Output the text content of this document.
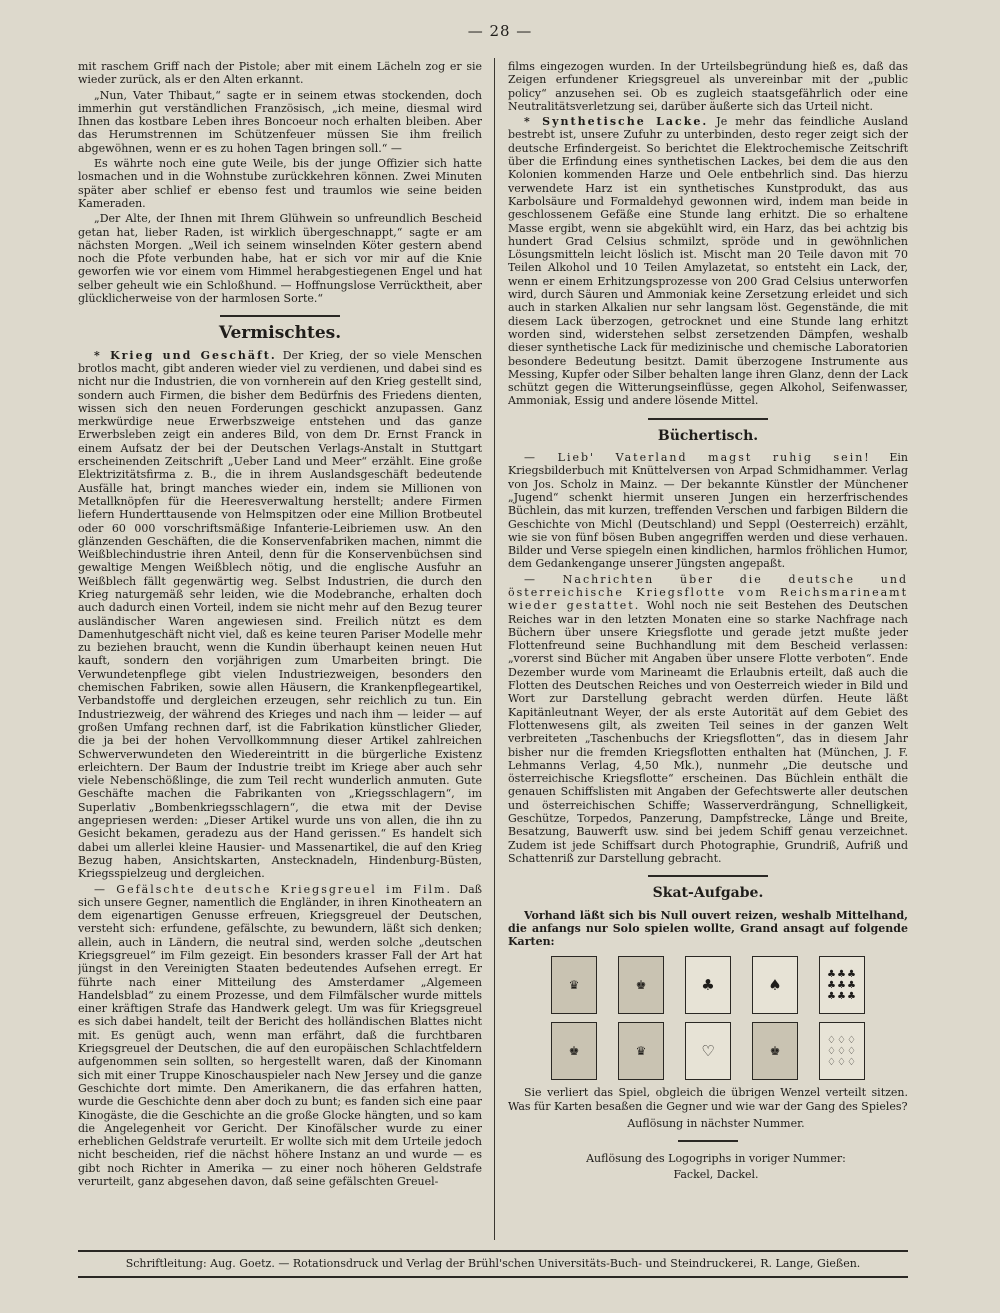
— 28 —

mit raschem Griff nach der Pistole; aber mit einem Lächeln zog er sie wieder zurück, als er den Alten erkannt.

„Nun, Vater Thibaut,“ sagte er in seinem etwas stockenden, doch immerhin gut verständlichen Französisch, „ich meine, diesmal wird Ihnen das kostbare Leben ihres Boncoeur noch erhalten bleiben. Aber das Herumstrennen im Schützenfeuer müssen Sie ihm freilich abgewöhnen, wenn er es zu hohen Tagen bringen soll.“ —

Es währte noch eine gute Weile, bis der junge Offizier sich hatte losmachen und in die Wohnstube zurückkehren können. Zwei Minuten später aber schlief er ebenso fest und traumlos wie seine beiden Kameraden.

„Der Alte, der Ihnen mit Ihrem Glühwein so unfreundlich Bescheid getan hat, lieber Raden, ist wirklich übergeschnappt,“ sagte er am nächsten Morgen. „Weil ich seinem winselnden Köter gestern abend noch die Pfote verbunden habe, hat er sich vor mir auf die Knie geworfen wie vor einem vom Himmel herabgestiegenen Engel und hat selber geheult wie ein Schloßhund. — Hoffnungslose Verrücktheit, aber glücklicherweise von der harmlosen Sorte.“

Vermischtes.

* Krieg und Geschäft. Der Krieg, der so viele Menschen brotlos macht, gibt anderen wieder viel zu verdienen, und dabei sind es nicht nur die Industrien, die von vornherein auf den Krieg gestellt sind, sondern auch Firmen, die bisher dem Bedürfnis des Friedens dienten, wissen sich den neuen Forderungen geschickt anzupassen. Ganz merkwürdige neue Erwerbszweige entstehen und das ganze Erwerbsleben zeigt ein anderes Bild, von dem Dr. Ernst Franck in einem Aufsatz der bei der Deutschen Verlags-Anstalt in Stuttgart erscheinenden Zeitschrift „Ueber Land und Meer“ erzählt. Eine große Elektrizitätsfirma z. B., die in ihrem Auslandsgeschäft bedeutende Ausfälle hat, bringt manches wieder ein, indem sie Millionen von Metallknöpfen für die Heeresverwaltung herstellt; andere Firmen liefern Hunderttausende von Helmspitzen oder eine Million Brotbeutel oder 60 000 vorschriftsmäßige Infanterie-Leibriemen usw. An den glänzenden Geschäften, die die Konservenfabriken machen, nimmt die Weißblechindustrie ihren Anteil, denn für die Konservenbüchsen sind gewaltige Mengen Weißblech nötig, und die englische Ausfuhr an Weißblech fällt gegenwärtig weg. Selbst Industrien, die durch den Krieg naturgemäß sehr leiden, wie die Modebranche, erhalten doch auch dadurch einen Vorteil, indem sie nicht mehr auf den Bezug teurer ausländischer Waren angewiesen sind. Freilich nützt es dem Damenhutgeschäft nicht viel, daß es keine teuren Pariser Modelle mehr zu beziehen braucht, wenn die Kundin überhaupt keinen neuen Hut kauft, sondern den vorjährigen zum Umarbeiten bringt. Die Verwundetenpflege gibt vielen Industriezweigen, besonders den chemischen Fabriken, sowie allen Häusern, die Krankenpflegeartikel, Verbandstoffe und dergleichen erzeugen, sehr reichlich zu tun. Ein Industriezweig, der während des Krieges und nach ihm — leider — auf großen Umfang rechnen darf, ist die Fabrikation künstlicher Glieder, die ja bei der hohen Vervollkommnung dieser Artikel zahlreichen Schwerverwundeten den Wiedereintritt in die bürgerliche Existenz erleichtern. Der Baum der Industrie treibt im Kriege aber auch sehr viele Nebenschößlinge, die zum Teil recht wunderlich anmuten. Gute Geschäfte machen die Fabrikanten von „Kriegsschlagern“, im Superlativ „Bombenkriegsschlagern“, die etwa mit der Devise angepriesen werden: „Dieser Artikel wurde uns von allen, die ihn zu Gesicht bekamen, geradezu aus der Hand gerissen.“ Es handelt sich dabei um allerlei kleine Hausier- und Massenartikel, die auf den Krieg Bezug haben, Ansichtskarten, Anstecknadeln, Hindenburg-Büsten, Kriegsspielzeug und dergleichen.

— Gefälschte deutsche Kriegsgreuel im Film. Daß sich unsere Gegner, namentlich die Engländer, in ihren Kinotheatern an dem eigenartigen Genusse erfreuen, Kriegsgreuel der Deutschen, versteht sich: erfundene, gefälschte, zu bewundern, läßt sich denken; allein, auch in Ländern, die neutral sind, werden solche „deutschen Kriegsgreuel“ im Film gezeigt. Ein besonders krasser Fall der Art hat jüngst in den Vereinigten Staaten bedeutendes Aufsehen erregt. Er führte nach einer Mitteilung des Amsterdamer „Algemeen Handelsblad“ zu einem Prozesse, und dem Filmfälscher wurde mittels einer kräftigen Strafe das Handwerk gelegt. Um was für Kriegsgreuel es sich dabei handelt, teilt der Bericht des holländischen Blattes nicht mit. Es genügt auch, wenn man erfährt, daß die furchtbaren Kriegsgreuel der Deutschen, die auf den europäischen Schlachtfeldern aufgenommen sein sollten, so hergestellt waren, daß der Kinomann sich mit einer Truppe Kinoschauspieler nach New Jersey und die ganze Geschichte dort mimte. Den Amerikanern, die das erfahren hatten, wurde die Geschichte denn aber doch zu bunt; es fanden sich eine paar Kinogäste, die die Geschichte an die große Glocke hängten, und so kam die Angelegenheit vor Gericht. Der Kinofälscher wurde zu einer erheblichen Geldstrafe verurteilt. Er wollte sich mit dem Urteile jedoch nicht bescheiden, rief die nächst höhere Instanz an und wurde — es gibt noch Richter in Amerika — zu einer noch höheren Geldstrafe verurteilt, ganz abgesehen davon, daß seine gefälschten Greuel-

films eingezogen wurden. In der Urteilsbegründung hieß es, daß das Zeigen erfundener Kriegsgreuel als unvereinbar mit der „public policy“ anzusehen sei. Ob es zugleich staatsgefährlich oder eine Neutralitätsverletzung sei, darüber äußerte sich das Urteil nicht.

* Synthetische Lacke. Je mehr das feindliche Ausland bestrebt ist, unsere Zufuhr zu unterbinden, desto reger zeigt sich der deutsche Erfindergeist. So berichtet die Elektrochemische Zeitschrift über die Erfindung eines synthetischen Lackes, bei dem die aus den Kolonien kommenden Harze und Oele entbehrlich sind. Das hierzu verwendete Harz ist ein synthetisches Kunstprodukt, das aus Karbolsäure und Formaldehyd gewonnen wird, indem man beide in geschlossenem Gefäße eine Stunde lang erhitzt. Die so erhaltene Masse ergibt, wenn sie abgekühlt wird, ein Harz, das bei achtzig bis hundert Grad Celsius schmilzt, spröde und in gewöhnlichen Lösungsmitteln leicht löslich ist. Mischt man 20 Teile davon mit 70 Teilen Alkohol und 10 Teilen Amylazetat, so entsteht ein Lack, der, wenn er einem Erhitzungsprozesse von 200 Grad Celsius unterworfen wird, durch Säuren und Ammoniak keine Zersetzung erleidet und sich auch in starken Alkalien nur sehr langsam löst. Gegenstände, die mit diesem Lack überzogen, getrocknet und eine Stunde lang erhitzt worden sind, widerstehen selbst zersetzenden Dämpfen, weshalb dieser synthetische Lack für medizinische und chemische Laboratorien besondere Bedeutung besitzt. Damit überzogene Instrumente aus Messing, Kupfer oder Silber behalten lange ihren Glanz, denn der Lack schützt gegen die Witterungseinflüsse, gegen Alkohol, Seifenwasser, Ammoniak, Essig und andere lösende Mittel.

Büchertisch.

— Lieb' Vaterland magst ruhig sein! Ein Kriegsbilderbuch mit Knüttelversen von Arpad Schmidhammer. Verlag von Jos. Scholz in Mainz. — Der bekannte Künstler der Münchener „Jugend“ schenkt hiermit unseren Jungen ein herzerfrischendes Büchlein, das mit kurzen, treffenden Verschen und farbigen Bildern die Geschichte von Michl (Deutschland) und Seppl (Oesterreich) erzählt, wie sie von fünf bösen Buben angegriffen werden und diese verhauen. Bilder und Verse spiegeln einen kindlichen, harmlos fröhlichen Humor, dem Gedankengange unserer Jüngsten angepaßt.

— Nachrichten über die deutsche und österreichische Kriegsflotte vom Reichsmarineamt wieder gestattet. Wohl noch nie seit Bestehen des Deutschen Reiches war in den letzten Monaten eine so starke Nachfrage nach Büchern über unsere Kriegsflotte und gerade jetzt mußte jeder Flottenfreund seine Buchhandlung mit dem Bescheid verlassen: „vorerst sind Bücher mit Angaben über unsere Flotte verboten“. Ende Dezember wurde vom Marineamt die Erlaubnis erteilt, daß auch die Flotten des Deutschen Reiches und von Oesterreich wieder in Bild und Wort zur Darstellung gebracht werden dürfen. Heute läßt Kapitänleutnant Weyer, der als erste Autorität auf dem Gebiet des Flottenwesens gilt, als zweiten Teil seines in der ganzen Welt verbreiteten „Taschenbuchs der Kriegsflotten“, das in diesem Jahr bisher nur die fremden Kriegsflotten enthalten hat (München, J. F. Lehmanns Verlag, 4,50 Mk.), nunmehr „Die deutsche und österreichische Kriegsflotte“ erscheinen. Das Büchlein enthält die genauen Schiffslisten mit Angaben der Gefechtswerte aller deutschen und österreichischen Schiffe; Wasserverdrängung, Schnelligkeit, Geschütze, Torpedos, Panzerung, Dampfstrecke, Länge und Breite, Besatzung, Bauwerft usw. sind bei jedem Schiff genau verzeichnet. Zudem ist jede Schiffsart durch Photographie, Grundriß, Aufriß und Schattenriß zur Darstellung gebracht.

Skat-Aufgabe.

Vorhand läßt sich bis Null ouvert reizen, weshalb Mittelhand, die anfangs nur Solo spielen wollte, Grand ansagt auf folgende Karten:

♛	♚	♣	♠
♣♣♣ ♣♣♣ ♣♣♣
♚	♛	♡	♚
♢♢♢ ♢♢♢ ♢♢♢

Sie verliert das Spiel, obgleich die übrigen Wenzel verteilt sitzen. Was für Karten besaßen die Gegner und wie war der Gang des Spieles?

Auflösung in nächster Nummer.

Auflösung des Logogriphs in voriger Nummer:

Fackel, Dackel.

Schriftleitung: Aug. Goetz. — Rotationsdruck und Verlag der Brühl'schen Universitäts-Buch- und Steindruckerei, R. Lange, Gießen.
